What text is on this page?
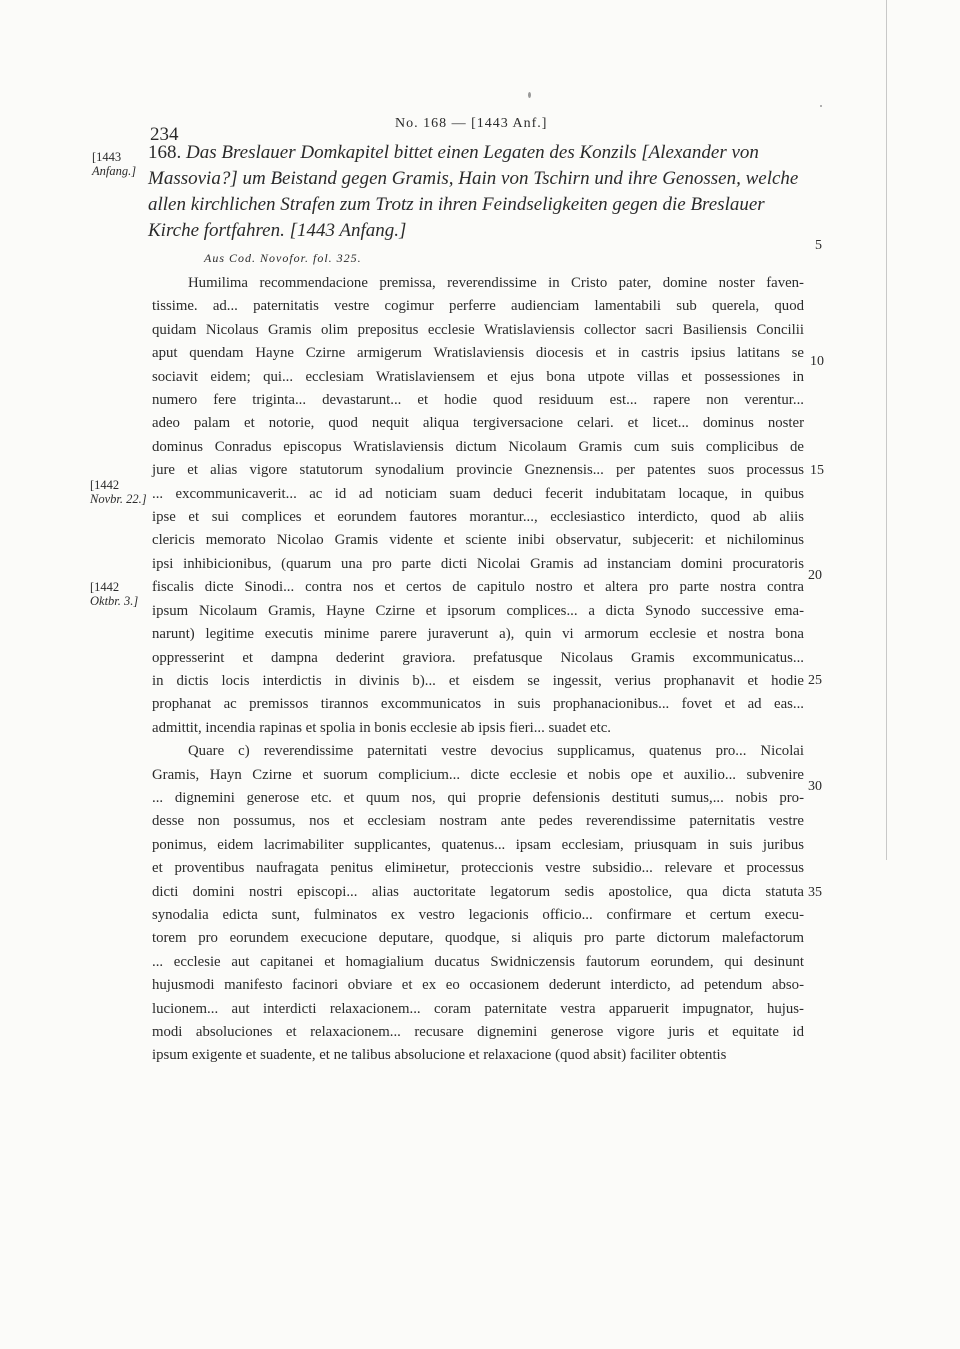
234
No. 168 — [1443 Anf.]
[1443
Anfang.]
168. Das Breslauer Domkapitel bittet einen Legaten des Konzils [Alexander von Massovia?] um Beistand gegen Gramis, Hain von Tschirn und ihre Genossen, welche allen kirchlichen Strafen zum Trotz in ihren Feindseligkeiten gegen die Breslauer Kirche fortfahren. [1443 Anfang.]
Aus Cod. Novofor. fol. 325.
5
10
15
20
25
30
35
[1442
Novbr. 22.]
[1442
Oktbr. 3.]
Humilima recommendacione premissa, reverendissime in Cristo pater, domine noster faven-
tissime. ad... paternitatis vestre cogimur perferre audienciam lamentabili sub querela, quod
quidam Nicolaus Gramis olim prepositus ecclesie Wratislaviensis collector sacri Basiliensis Concilii
aput quendam Hayne Czirne armigerum Wratislaviensis diocesis et in castris ipsius latitans se
sociavit eidem; qui... ecclesiam Wratislaviensem et ejus bona utpote villas et possessiones in
numero fere triginta... devastarunt... et hodie quod residuum est... rapere non verentur...
adeo palam et notorie, quod nequit aliqua tergiversacione celari. et licet... dominus noster
dominus Conradus episcopus Wratislaviensis dictum Nicolaum Gramis cum suis complicibus de
jure et alias vigore statutorum synodalium provincie Gneznensis... per patentes suos processus
... excommunicaverit... ac id ad noticiam suam deduci fecerit indubitatam locaque, in quibus
ipse et sui complices et eorundem fautores morantur..., ecclesiastico interdicto, quod ab aliis
clericis memorato Nicolao Gramis vidente et sciente inibi observatur, subjecerit: et nichilominus
ipsi inhibicionibus, (quarum una pro parte dicti Nicolai Gramis ad instanciam domini procuratoris
fiscalis dicte Sinodi... contra nos et certos de capitulo nostro et altera pro parte nostra contra
ipsum Nicolaum Gramis, Hayne Czirne et ipsorum complices... a dicta Synodo successive ema-
narunt) legitime executis minime parere juraverunt a), quin vi armorum ecclesie et nostra bona
oppresserint et dampna dederint graviora. prefatusque Nicolaus Gramis excommunicatus...
in dictis locis interdictis in divinis b)... et eisdem se ingessit, verius prophanavit et hodie
prophanat ac premissos tirannos excommunicatos in suis prophanacionibus... fovet et ad eas...
admittit, incendia rapinas et spolia in bonis ecclesie ab ipsis fieri... suadet etc.
Quare c) reverendissime paternitati vestre devocius supplicamus, quatenus pro... Nicolai
Gramis, Hayn Czirne et suorum complicium... dicte ecclesie et nobis ope et auxilio... subvenire
... dignemini generose etc. et quum nos, qui proprie defensionis destituti sumus,... nobis pro-
desse non possumus, nos et ecclesiam nostram ante pedes reverendissime paternitatis vestre
ponimus, eidem lacrimabiliter supplicantes, quatenus... ipsam ecclesiam, priusquam in suis juribus
et proventibus naufragata penitus elimінetur, proteccionis vestre subsidio... relevare et processus
dicti domini nostri episcopi... alias auctoritate legatorum sedis apostolice, qua dicta statuta
synodalia edicta sunt, fulminatos ex vestro legacionis officio... confirmare et certum execu-
torem pro eorundem execucione deputare, quodque, si aliquis pro parte dictorum malefactorum
... ecclesie aut capitanei et homagialium ducatus Swidniczensis fautorum eorundem, qui desinunt
hujusmodi manifesto facinori obviare et ex eo occasionem dederunt interdicto, ad petendum abso-
lucionem... aut interdicti relaxacionem... coram paternitate vestra apparuerit impugnator, hujus-
modi absoluciones et relaxacionem... recusare dignemini generose vigore juris et equitate id
ipsum exigente et suadente, et ne talibus absolucione et relaxacione (quod absit) faciliter obtentis
